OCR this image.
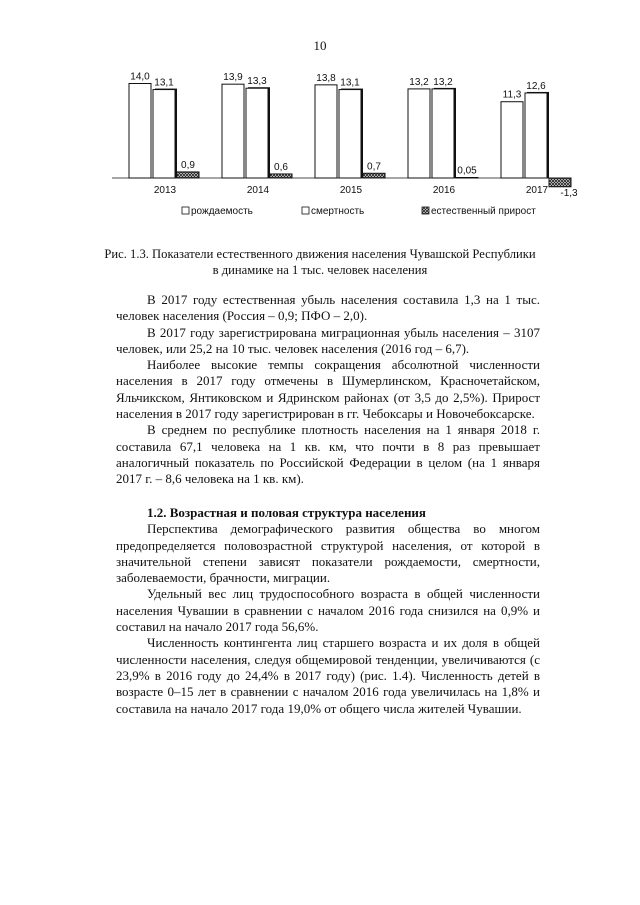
10
14,0
13,1
0,9
2013
13,9 13,3
0,6
2014
13,8 13,1
0,7
2015
13,2 13,2
0,05
2016
11,3
12,6
-1,3
2017
рождаемость	смертность	естественный прирост
Рис. 1.3. Показатели естественного движения населения Чувашской Республики
в динамике на 1 тыс. человек населения

В 2017 году естественная убыль населения составила 1,3 на 1 тыс. человек населения (Россия – 0,9; ПФО – 2,0).

В 2017 году зарегистрирована миграционная убыль населения – 3107 человек, или 25,2 на 10 тыс. человек населения (2016 год – 6,7).

Наиболее высокие темпы сокращения абсолютной численности населения в 2017 году отмечены в Шумерлинском, Красночетайском, Яльчикском, Янтиковском и Ядринском районах (от 3,5 до 2,5%). Прирост населения в 2017 году зарегистрирован в гг. Чебоксары и Новочебоксарске.

В среднем по республике плотность населения на 1 января 2018 г. составила 67,1 человека на 1 кв. км, что почти в 8 раз превышает аналогичный показатель по Российской Федерации в целом (на 1 января 2017 г. – 8,6 человека на 1 кв. км).

1.2. Возрастная и половая структура населения

Перспектива демографического развития общества во многом предопределяется половозрастной структурой населения, от которой в значительной степени зависят показатели рождаемости, смертности, заболеваемости, брачности, миграции.

Удельный вес лиц трудоспособного возраста в общей численности населения Чувашии в сравнении с началом 2016 года снизился на 0,9% и составил на начало 2017 года 56,6%.

Численность контингента лиц старшего возраста и их доля в общей численности населения, следуя общемировой тенденции, увеличиваются (с 23,9% в 2016 году до 24,4% в 2017 году) (рис. 1.4). Численность детей в возрасте 0–15 лет в сравнении с началом 2016 года увеличилась на 1,8% и составила на начало 2017 года 19,0% от общего числа жителей Чувашии.
